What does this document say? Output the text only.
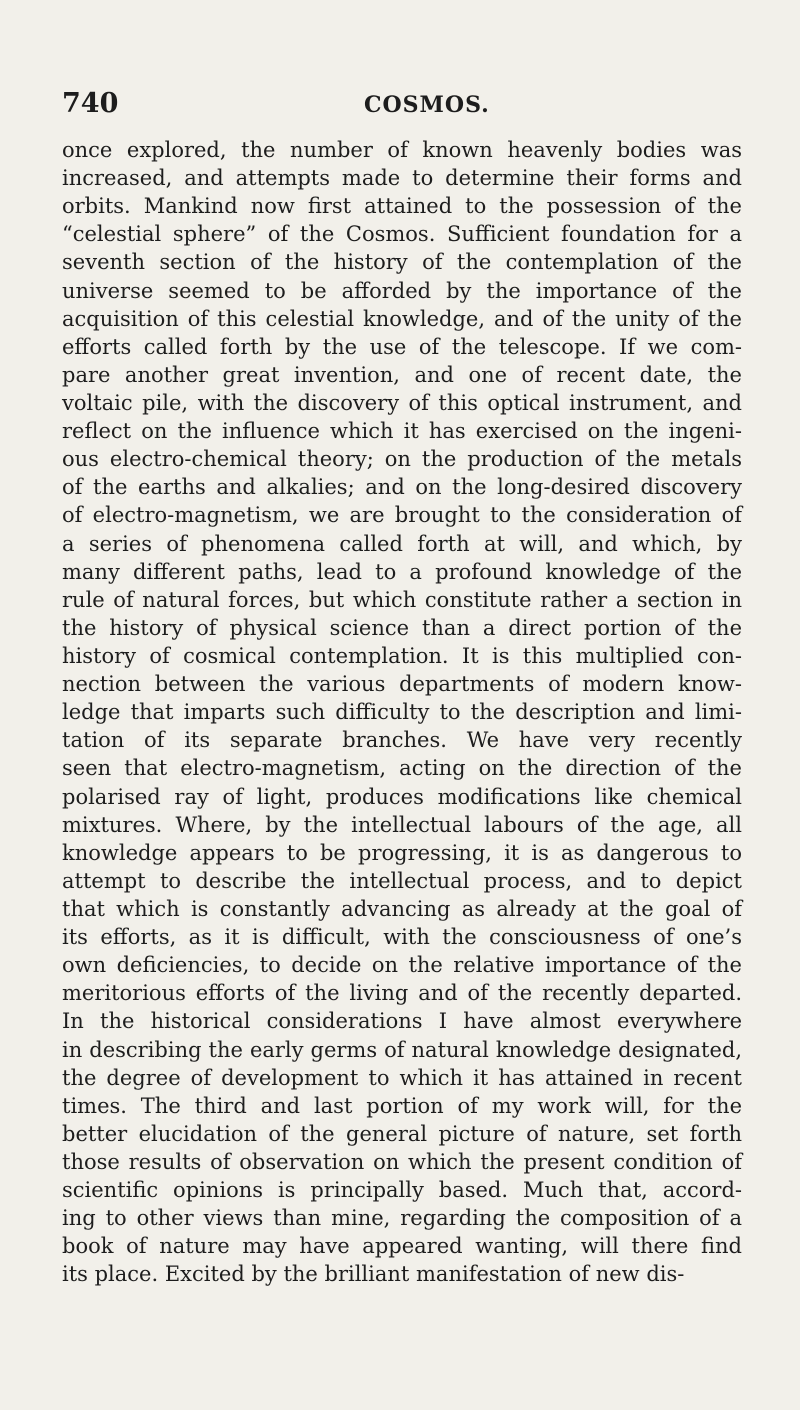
740	COSMOS.
once explored, the number of known heavenly bodies was
increased, and attempts made to determine their forms and
orbits. Mankind now first attained to the possession of the
“celestial sphere” of the Cosmos. Sufficient foundation for a
seventh section of the history of the contemplation of the
universe seemed to be afforded by the importance of the
acquisition of this celestial knowledge, and of the unity of the
efforts called forth by the use of the telescope. If we com-
pare another great invention, and one of recent date, the
voltaic pile, with the discovery of this optical instrument, and
reflect on the influence which it has exercised on the ingeni-
ous electro-chemical theory; on the production of the metals
of the earths and alkalies; and on the long-desired discovery
of electro-magnetism, we are brought to the consideration of
a series of phenomena called forth at will, and which, by
many different paths, lead to a profound knowledge of the
rule of natural forces, but which constitute rather a section in
the history of physical science than a direct portion of the
history of cosmical contemplation. It is this multiplied con-
nection between the various departments of modern know-
ledge that imparts such difficulty to the description and limi-
tation of its separate branches. We have very recently
seen that electro-magnetism, acting on the direction of the
polarised ray of light, produces modifications like chemical
mixtures. Where, by the intellectual labours of the age, all
knowledge appears to be progressing, it is as dangerous to
attempt to describe the intellectual process, and to depict
that which is constantly advancing as already at the goal of
its efforts, as it is difficult, with the consciousness of one’s
own deficiencies, to decide on the relative importance of the
meritorious efforts of the living and of the recently departed.
In the historical considerations I have almost everywhere
in describing the early germs of natural knowledge designated,
the degree of development to which it has attained in recent
times. The third and last portion of my work will, for the
better elucidation of the general picture of nature, set forth
those results of observation on which the present condition of
scientific opinions is principally based. Much that, accord-
ing to other views than mine, regarding the composition of a
book of nature may have appeared wanting, will there find
its place. Excited by the brilliant manifestation of new dis-
